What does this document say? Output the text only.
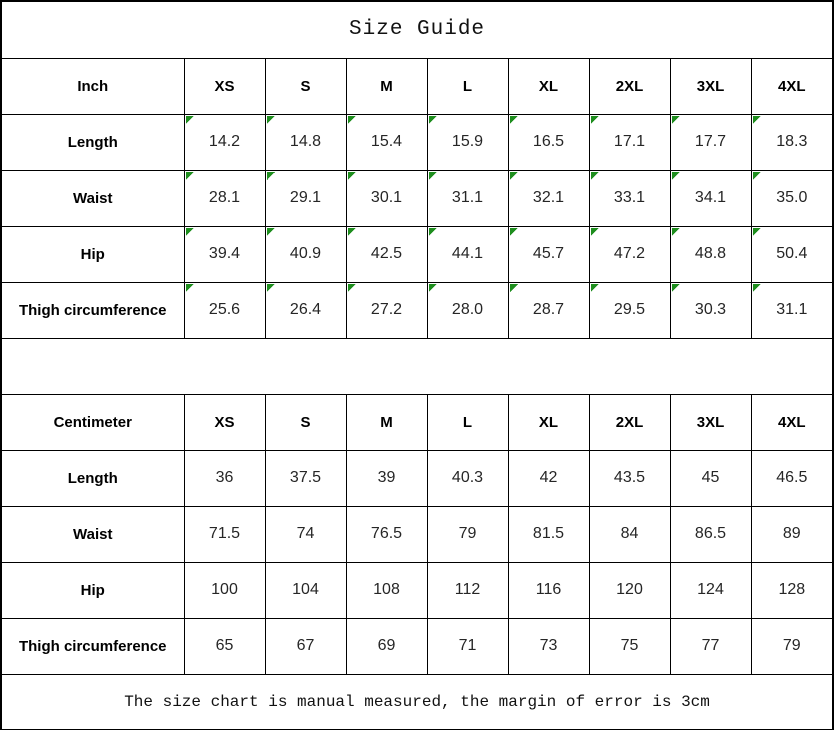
Size Guide								
Inch	XS	S	M	L	XL	2XL	3XL	4XL
Length	14.2	14.8	15.4	15.9	16.5	17.1	17.7	18.3
Waist	28.1	29.1	30.1	31.1	32.1	33.1	34.1	35.0
Hip	39.4	40.9	42.5	44.1	45.7	47.2	48.8	50.4
Thigh circumference	25.6	26.4	27.2	28.0	28.7	29.5	30.3	31.1

Centimeter	XS	S	M	L	XL	2XL	3XL	4XL
Length	36	37.5	39	40.3	42	43.5	45	46.5
Waist	71.5	74	76.5	79	81.5	84	86.5	89
Hip	100	104	108	112	116	120	124	128
Thigh circumference	65	67	69	71	73	75	77	79
The size chart is manual measured, the margin of error is 3cm								
